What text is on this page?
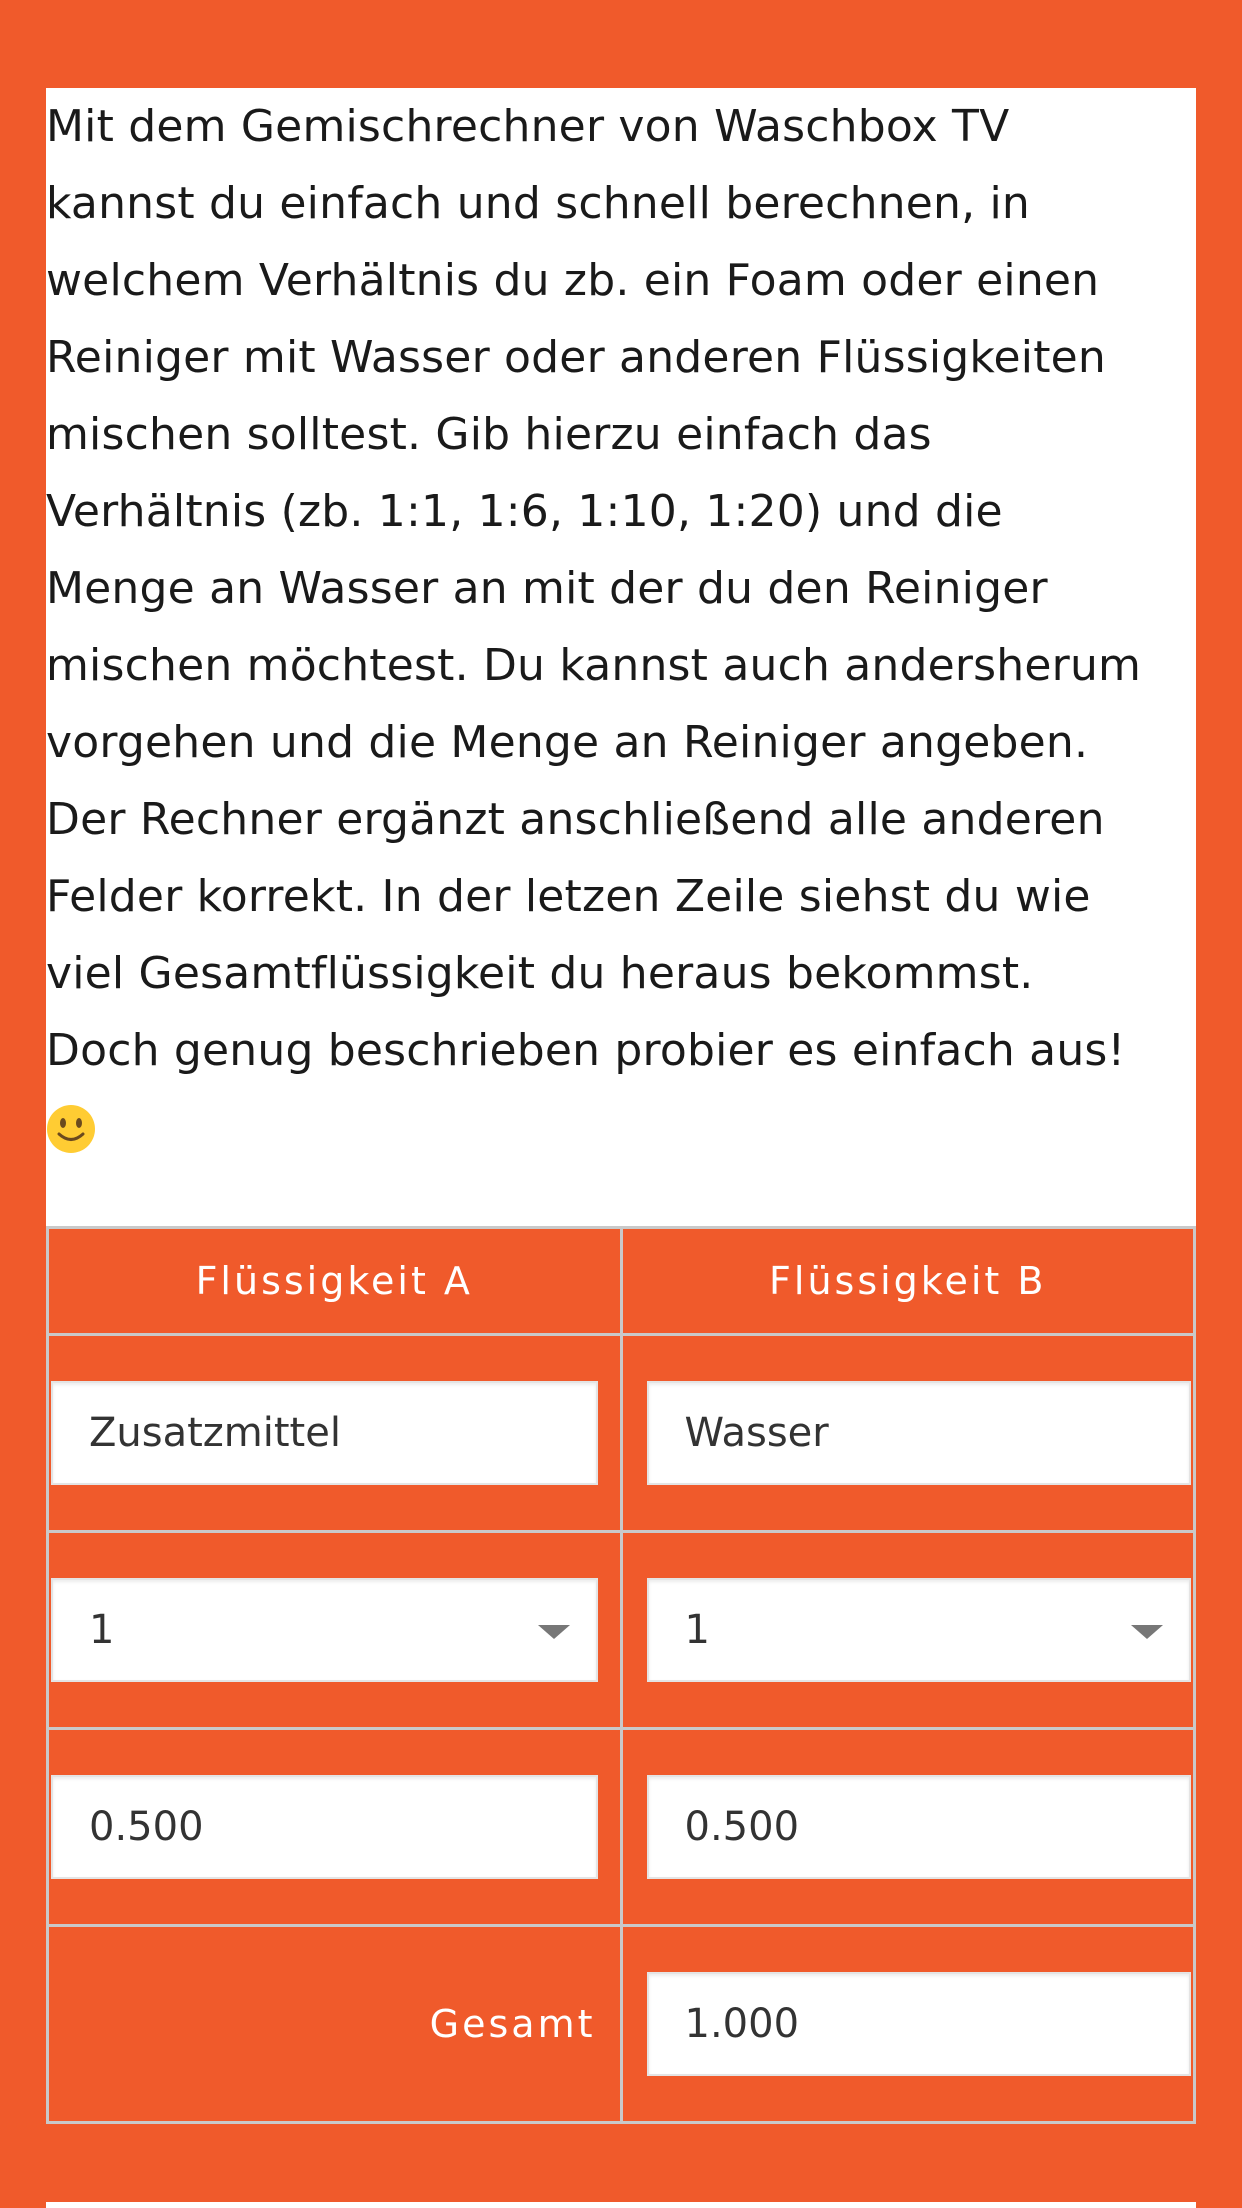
Mit dem Gemischrechner von Waschbox TV
kannst du einfach und schnell berechnen, in
welchem Verhältnis du zb. ein Foam oder einen
Reiniger mit Wasser oder anderen Flüssigkeiten
mischen solltest. Gib hierzu einfach das
Verhältnis (zb. 1:1, 1:6, 1:10, 1:20) und die
Menge an Wasser an mit der du den Reiniger
mischen möchtest. Du kannst auch andersherum
vorgehen und die Menge an Reiniger angeben.
Der Rechner ergänzt anschließend alle anderen
Felder korrekt. In der letzen Zeile siehst du wie
viel Gesamtflüssigkeit du heraus bekommst.
Doch genug beschrieben probier es einfach aus!

Flüssigkeit A	Flüssigkeit B

Zusatzmittel	Wasser

1	1

0.500	0.500

Gesamt	1.000
